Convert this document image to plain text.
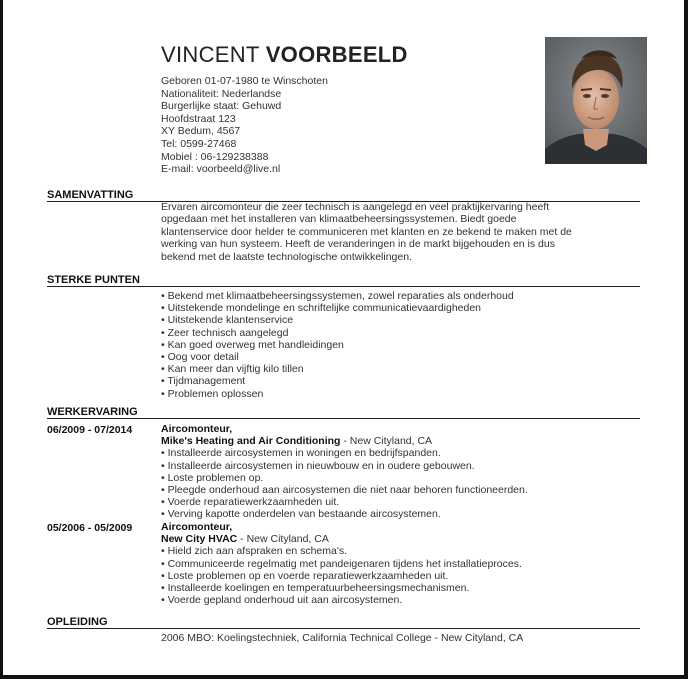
VINCENT VOORBEELD
Geboren 01-07-1980 te Winschoten
Nationaliteit: Nederlandse
Burgerlijke staat: Gehuwd
Hoofdstraat 123
XY Bedum, 4567
Tel: 0599-27468
Mobiel : 06-129238388
E-mail: voorbeeld@live.nl
SAMENVATTING
Ervaren aircomonteur die zeer technisch is aangelegd en veel praktijkervaring heeft
opgedaan met het installeren van klimaatbeheersingssystemen. Biedt goede
klantenservice door helder te communiceren met klanten en ze bekend te maken met de
werking van hun systeem. Heeft de veranderingen in de markt bijgehouden en is dus
bekend met de laatste technologische ontwikkelingen.
STERKE PUNTEN
• Bekend met klimaatbeheersingssystemen, zowel reparaties als onderhoud
• Uitstekende mondelinge en schriftelijke communicatievaardigheden
• Uitstekende klantenservice
• Zeer technisch aangelegd
• Kan goed overweg met handleidingen
• Oog voor detail
• Kan meer dan vijftig kilo tillen
• Tijdmanagement
• Problemen oplossen
WERKERVARING
06/2009 - 07/2014	Aircomonteur,
Mike's Heating and Air Conditioning - New Cityland, CA
• Installeerde aircosystemen in woningen en bedrijfspanden.
• Installeerde aircosystemen in nieuwbouw en in oudere gebouwen.
• Loste problemen op.
• Pleegde onderhoud aan aircosystemen die niet naar behoren functioneerden.
• Voerde reparatiewerkzaamheden uit.
• Verving kapotte onderdelen van bestaande aircosystemen.
05/2006 - 05/2009	Aircomonteur,
New City HVAC - New Cityland, CA
• Hield zich aan afspraken en schema's.
• Communiceerde regelmatig met pandeigenaren tijdens het installatieproces.
• Loste problemen op en voerde reparatiewerkzaamheden uit.
• Installeerde koelingen en temperatuurbeheersingsmechanismen.
• Voerde gepland onderhoud uit aan aircosystemen.
OPLEIDING
2006 MBO: Koelingstechniek, California Technical College - New Cityland, CA
